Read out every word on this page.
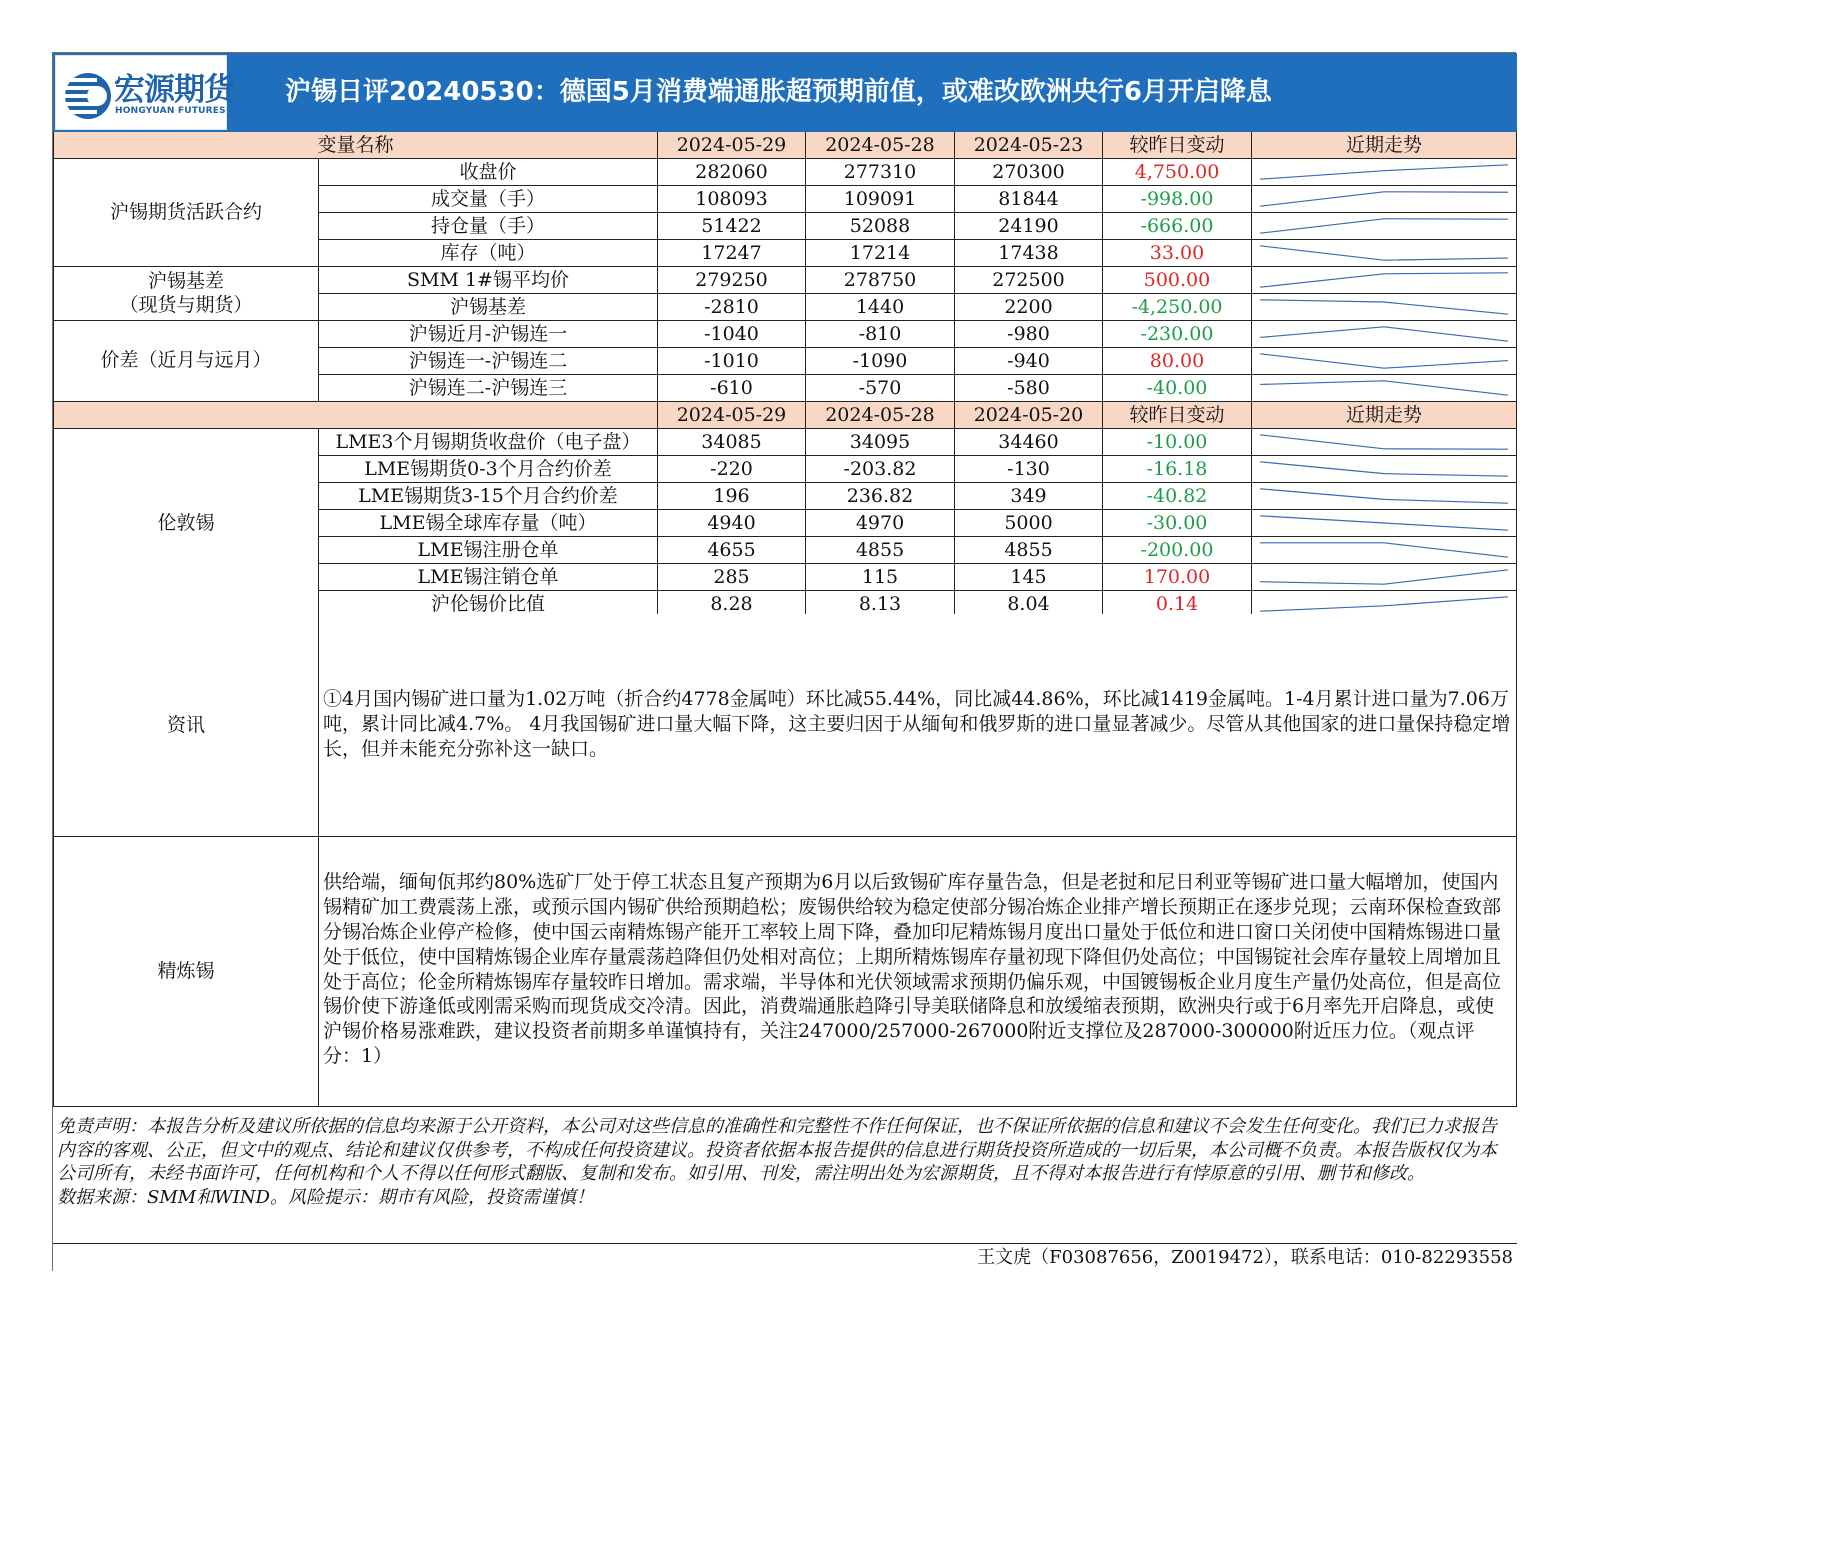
宏源期货
HONGYUAN FUTURES
沪锡日评20240530：德国5月消费端通胀超预期前值，或难改欧洲央行6月开启降息
变量名称	2024-05-29	2024-05-28	2024-05-23	较昨日变动	近期走势
沪锡期货活跃合约
收盘价	282060	277310	270300	4,750.00
成交量（手）	108093	109091	81844	-998.00
持仓量（手）	51422	52088	24190	-666.00
库存（吨）	17247	17214	17438	33.00
沪锡基差
（现货与期货）
SMM 1#锡平均价	279250	278750	272500	500.00
沪锡基差	-2810	1440	2200	-4,250.00
价差（近月与远月）
沪锡近月-沪锡连一	-1040	-810	-980	-230.00
沪锡连一-沪锡连二	-1010	-1090	-940	80.00
沪锡连二-沪锡连三	-610	-570	-580	-40.00
2024-05-29	2024-05-28	2024-05-20	较昨日变动	近期走势
伦敦锡
LME3个月锡期货收盘价（电子盘）	34085	34095	34460	-10.00
LME锡期货0-3个月合约价差	-220	-203.82	-130	-16.18
LME锡期货3-15个月合约价差	196	236.82	349	-40.82
LME锡全球库存量（吨）	4940	4970	5000	-30.00
LME锡注册仓单	4655	4855	4855	-200.00
LME锡注销仓单	285	115	145	170.00
沪伦锡价比值	8.28	8.13	8.04	0.14
资讯
①4月国内锡矿进口量为1.02万吨（折合约4778金属吨）环比减55.44%，同比减44.86%，环比减1419金属吨。1-4月累计进口量为7.06万吨，累计同比减4.7%。 4月我国锡矿进口量大幅下降，这主要归因于从缅甸和俄罗斯的进口量显著减少。尽管从其他国家的进口量保持稳定增长，但并未能充分弥补这一缺口。
精炼锡
供给端，缅甸佤邦约80%选矿厂处于停工状态且复产预期为6月以后致锡矿库存量告急，但是老挝和尼日利亚等锡矿进口量大幅增加，使国内锡精矿加工费震荡上涨，或预示国内锡矿供给预期趋松；废锡供给较为稳定使部分锡冶炼企业排产增长预期正在逐步兑现；云南环保检查致部分锡冶炼企业停产检修，使中国云南精炼锡产能开工率较上周下降，叠加印尼精炼锡月度出口量处于低位和进口窗口关闭使中国精炼锡进口量处于低位，使中国精炼锡企业库存量震荡趋降但仍处相对高位；上期所精炼锡库存量初现下降但仍处高位；中国锡锭社会库存量较上周增加且处于高位；伦金所精炼锡库存量较昨日增加。需求端，半导体和光伏领域需求预期仍偏乐观，中国镀锡板企业月度生产量仍处高位，但是高位锡价使下游逢低或刚需采购而现货成交冷清。因此，消费端通胀趋降引导美联储降息和放缓缩表预期，欧洲央行或于6月率先开启降息，或使沪锡价格易涨难跌，建议投资者前期多单谨慎持有，关注247000/257000-267000附近支撑位及287000-300000附近压力位。（观点评分：1）

免责声明：本报告分析及建议所依据的信息均来源于公开资料，本公司对这些信息的准确性和完整性不作任何保证，也不保证所依据的信息和建议不会发生任何变化。我们已力求报告内容的客观、公正，但文中的观点、结论和建议仅供参考，不构成任何投资建议。投资者依据本报告提供的信息进行期货投资所造成的一切后果，本公司概不负责。本报告版权仅为本公司所有，未经书面许可，任何机构和个人不得以任何形式翻版、复制和发布。如引用、刊发，需注明出处为宏源期货，且不得对本报告进行有悖原意的引用、删节和修改。

数据来源：SMM和WIND。风险提示：期市有风险，投资需谨慎！

王文虎（F03087656，Z0019472），联系电话：010-82293558
